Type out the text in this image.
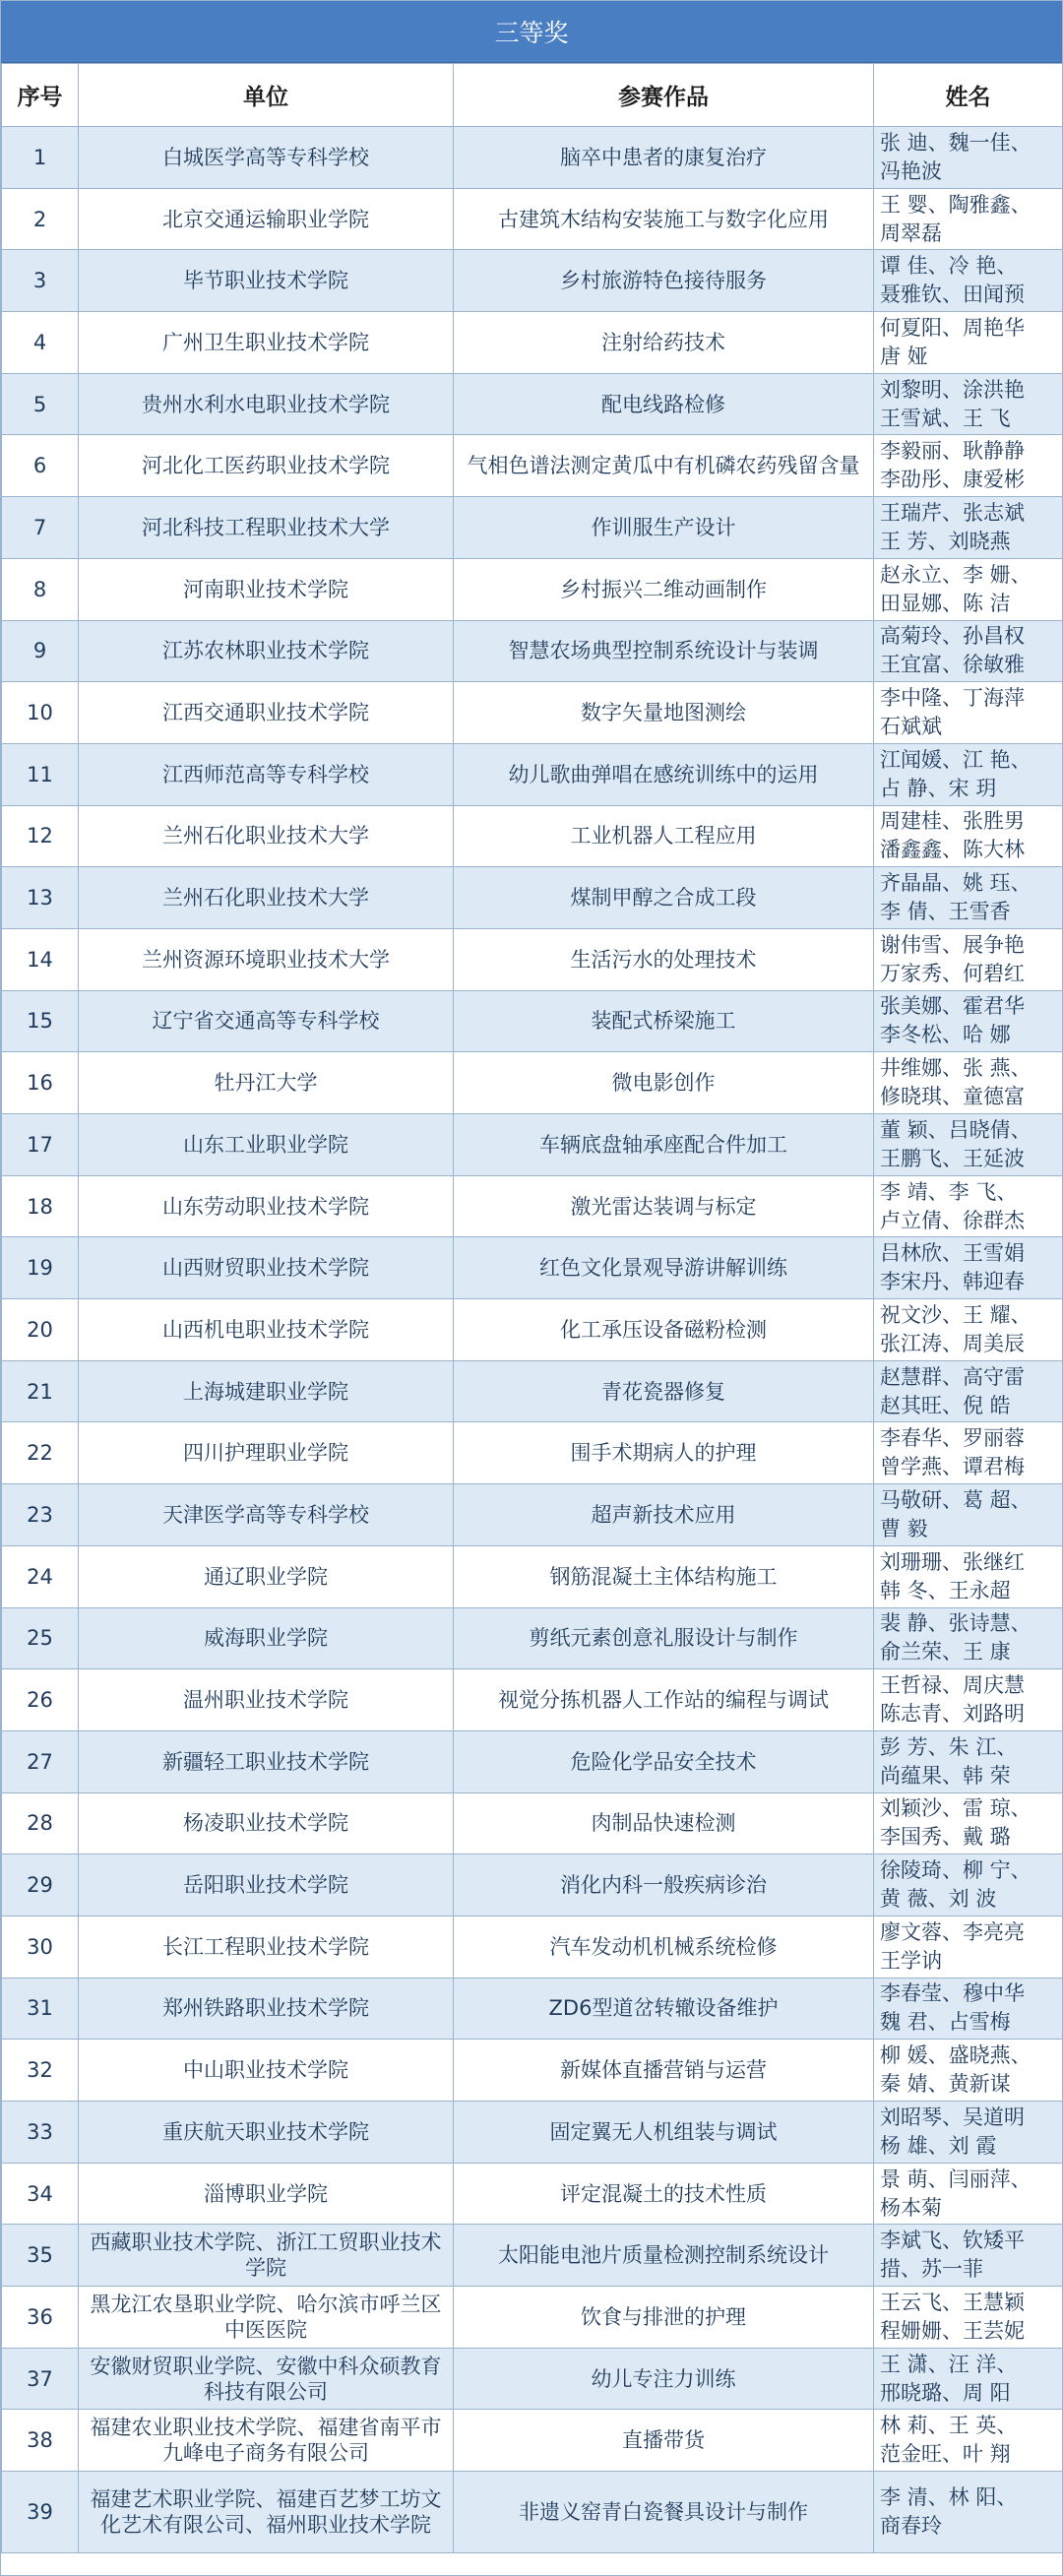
三等奖
序号	单位	参赛作品	姓名
1	白城医学高等专科学校	脑卒中患者的康复治疗	张 迪、魏一佳、
冯艳波

2	北京交通运输职业学院	古建筑木结构安装施工与数字化应用	王 婴、陶雅鑫、
周翠磊

3	毕节职业技术学院	乡村旅游特色接待服务	谭 佳、冷 艳、
聂雅钦、田闻预

4	广州卫生职业技术学院	注射给药技术	何夏阳、周艳华
唐 娅

5	贵州水利水电职业技术学院	配电线路检修	刘黎明、涂洪艳
王雪斌、王 飞

6	河北化工医药职业技术学院	气相色谱法测定黄瓜中有机磷农药残留含量	李毅丽、耿静静
李劭彤、康爱彬

7	河北科技工程职业技术大学	作训服生产设计	王瑞芹、张志斌
王 芳、刘晓燕

8	河南职业技术学院	乡村振兴二维动画制作	赵永立、李 姗、
田显娜、陈 洁

9	江苏农林职业技术学院	智慧农场典型控制系统设计与装调	高菊玲、孙昌权
王宜富、徐敏雅

10	江西交通职业技术学院	数字矢量地图测绘	李中隆、丁海萍
石斌斌

11	江西师范高等专科学校	幼儿歌曲弹唱在感统训练中的运用	江闻媛、江 艳、
占 静、宋 玥

12	兰州石化职业技术大学	工业机器人工程应用	周建桂、张胜男
潘鑫鑫、陈大林

13	兰州石化职业技术大学	煤制甲醇之合成工段	齐晶晶、姚 珏、
李 倩、王雪香

14	兰州资源环境职业技术大学	生活污水的处理技术	谢伟雪、展争艳
万家秀、何碧红

15	辽宁省交通高等专科学校	装配式桥梁施工	张美娜、霍君华
李冬松、哈 娜

16	牡丹江大学	微电影创作	井维娜、张 燕、
修晓琪、童德富

17	山东工业职业学院	车辆底盘轴承座配合件加工	董 颖、吕晓倩、
王鹏飞、王延波

18	山东劳动职业技术学院	激光雷达装调与标定	李 靖、李 飞、
卢立倩、徐群杰

19	山西财贸职业技术学院	红色文化景观导游讲解训练	吕林欣、王雪娟
李宋丹、韩迎春

20	山西机电职业技术学院	化工承压设备磁粉检测	祝文沙、王 耀、
张江涛、周美辰

21	上海城建职业学院	青花瓷器修复	赵慧群、高守雷
赵其旺、倪 皓

22	四川护理职业学院	围手术期病人的护理	李春华、罗丽蓉
曾学燕、谭君梅

23	天津医学高等专科学校	超声新技术应用	马敬研、葛 超、
曹 毅

24	通辽职业学院	钢筋混凝土主体结构施工	刘珊珊、张继红
韩 冬、王永超

25	威海职业学院	剪纸元素创意礼服设计与制作	裴 静、张诗慧、
俞兰荣、王 康

26	温州职业技术学院	视觉分拣机器人工作站的编程与调试	王哲禄、周庆慧
陈志青、刘路明

27	新疆轻工职业技术学院	危险化学品安全技术	彭 芳、朱 江、
尚蕴果、韩 荣

28	杨凌职业技术学院	肉制品快速检测	刘颖沙、雷 琼、
李国秀、戴 璐

29	岳阳职业技术学院	消化内科一般疾病诊治	徐陵琦、柳 宁、
黄 薇、刘 波

30	长江工程职业技术学院	汽车发动机机械系统检修	廖文蓉、李亮亮
王学讷

31	郑州铁路职业技术学院	ZD6型道岔转辙设备维护	李春莹、穆中华
魏 君、占雪梅

32	中山职业技术学院	新媒体直播营销与运营	柳 媛、盛晓燕、
秦 婧、黄新谋

33	重庆航天职业技术学院	固定翼无人机组装与调试	刘昭琴、吴道明
杨 雄、刘 霞

34	淄博职业学院	评定混凝土的技术性质	景 萌、闫丽萍、
杨本菊

35	西藏职业技术学院、浙江工贸职业技术学院	太阳能电池片质量检测控制系统设计	李斌飞、钦矮平
措、苏一菲

36	黑龙江农垦职业学院、哈尔滨市呼兰区中医医院	饮食与排泄的护理	王云飞、王慧颖
程姗姗、王芸妮

37	安徽财贸职业学院、安徽中科众硕教育科技有限公司	幼儿专注力训练	王 潇、汪 洋、
邢晓璐、周 阳

38	福建农业职业技术学院、福建省南平市九峰电子商务有限公司	直播带货	林 莉、王 英、
范金旺、叶 翔

39	福建艺术职业学院、福建百艺梦工坊文化艺术有限公司、福州职业技术学院	非遗义窑青白瓷餐具设计与制作	李 清、林 阳、
商春玲
